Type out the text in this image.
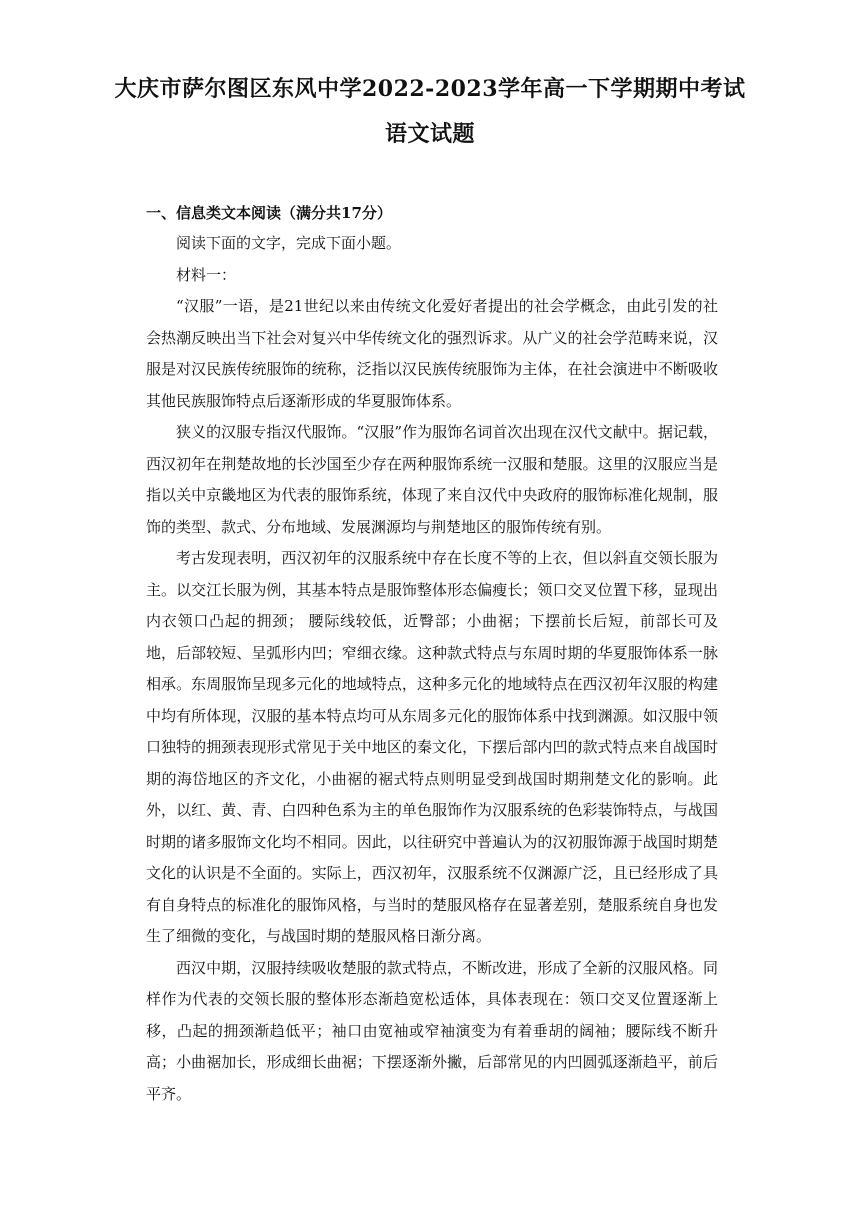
大庆市萨尔图区东风中学2022-2023学年高一下学期期中考试
语文试题
一、信息类文本阅读（满分共17分）

阅读下面的文字，完成下面小题。

材料一：

“汉服”一语，是21世纪以来由传统文化爱好者提出的社会学概念，由此引发的社会热潮反映出当下社会对复兴中华传统文化的强烈诉求。从广义的社会学范畴来说，汉服是对汉民族传统服饰的统称，泛指以汉民族传统服饰为主体，在社会演进中不断吸收其他民族服饰特点后逐渐形成的华夏服饰体系。

狭义的汉服专指汉代服饰。“汉服”作为服饰名词首次出现在汉代文献中。据记载，西汉初年在荆楚故地的长沙国至少存在两种服饰系统一汉服和楚服。这里的汉服应当是指以关中京畿地区为代表的服饰系统，体现了来自汉代中央政府的服饰标准化规制，服饰的类型、款式、分布地域、发展渊源均与荆楚地区的服饰传统有别。

考古发现表明，西汉初年的汉服系统中存在长度不等的上衣，但以斜直交领长服为主。以交江长服为例，其基本特点是服饰整体形态偏瘦长；领口交叉位置下移，显现出内衣领口凸起的拥颈； 腰际线较低，近臀部；小曲裾；下摆前长后短，前部长可及地，后部较短、呈弧形内凹；窄细衣缘。这种款式特点与东周时期的华夏服饰体系一脉相承。东周服饰呈现多元化的地域特点，这种多元化的地域特点在西汉初年汉服的构建中均有所体现，汉服的基本特点均可从东周多元化的服饰体系中找到渊源。如汉服中领口独特的拥颈表现形式常见于关中地区的秦文化，下摆后部内凹的款式特点来自战国时期的海岱地区的齐文化，小曲裾的裾式特点则明显受到战国时期荆楚文化的影响。此外，以红、黄、青、白四种色系为主的单色服饰作为汉服系统的色彩装饰特点，与战国时期的诸多服饰文化均不相同。因此，以往研究中普遍认为的汉初服饰源于战国时期楚文化的认识是不全面的。实际上，西汉初年，汉服系统不仅渊源广泛，且已经形成了具有自身特点的标准化的服饰风格，与当时的楚服风格存在显著差别，楚服系统自身也发生了细微的变化，与战国时期的楚服风格日渐分离。

西汉中期，汉服持续吸收楚服的款式特点，不断改进，形成了全新的汉服风格。同样作为代表的交领长服的整体形态渐趋宽松适体，具体表现在：领口交叉位置逐渐上移，凸起的拥颈渐趋低平；袖口由宽袖或窄袖演变为有着垂胡的阔袖；腰际线不断升高；小曲裾加长，形成细长曲裾；下摆逐渐外撇，后部常见的内凹圆弧逐渐趋平，前后平齐。
